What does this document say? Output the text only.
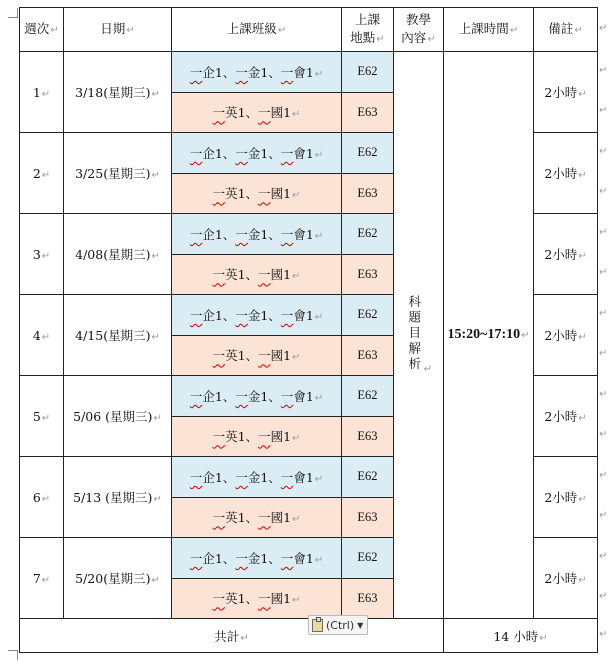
週次↵	日期↵	上課班級↵	上課
地點↵	教學
內容↵	上課時間↵	備註↵
1↵	3/18(星期三)↵	一企1、一金1、一會1↵	E62	科題目解析 ↵	15:20~17:10↵	2小時↵
		一英1、一國1↵	E63			
2↵	3/25(星期三)↵	一企1、一金1、一會1↵	E62			2小時↵
		一英1、一國1↵	E63			
3↵	4/08(星期三)↵	一企1、一金1、一會1↵	E62			2小時↵
		一英1、一國1↵	E63			
4↵	4/15(星期三)↵	一企1、一金1、一會1↵	E62			2小時↵
		一英1、一國1↵	E63			
5↵	5/06 (星期三)↵	一企1、一金1、一會1↵	E62			2小時↵
		一英1、一國1↵	E63			
6↵	5/13 (星期三)↵	一企1、一金1、一會1↵	E62			2小時↵
		一英1、一國1↵	E63			
7↵	5/20(星期三)↵	一企1、一金1、一會1↵	E62			2小時↵
		一英1、一國1↵	E63			
共計↵					14 小時↵	
(Ctrl) ▼
↵
↵
↵
↵
↵
↵
↵
↵
↵
↵
↵
↵
↵
↵
↵
↵
